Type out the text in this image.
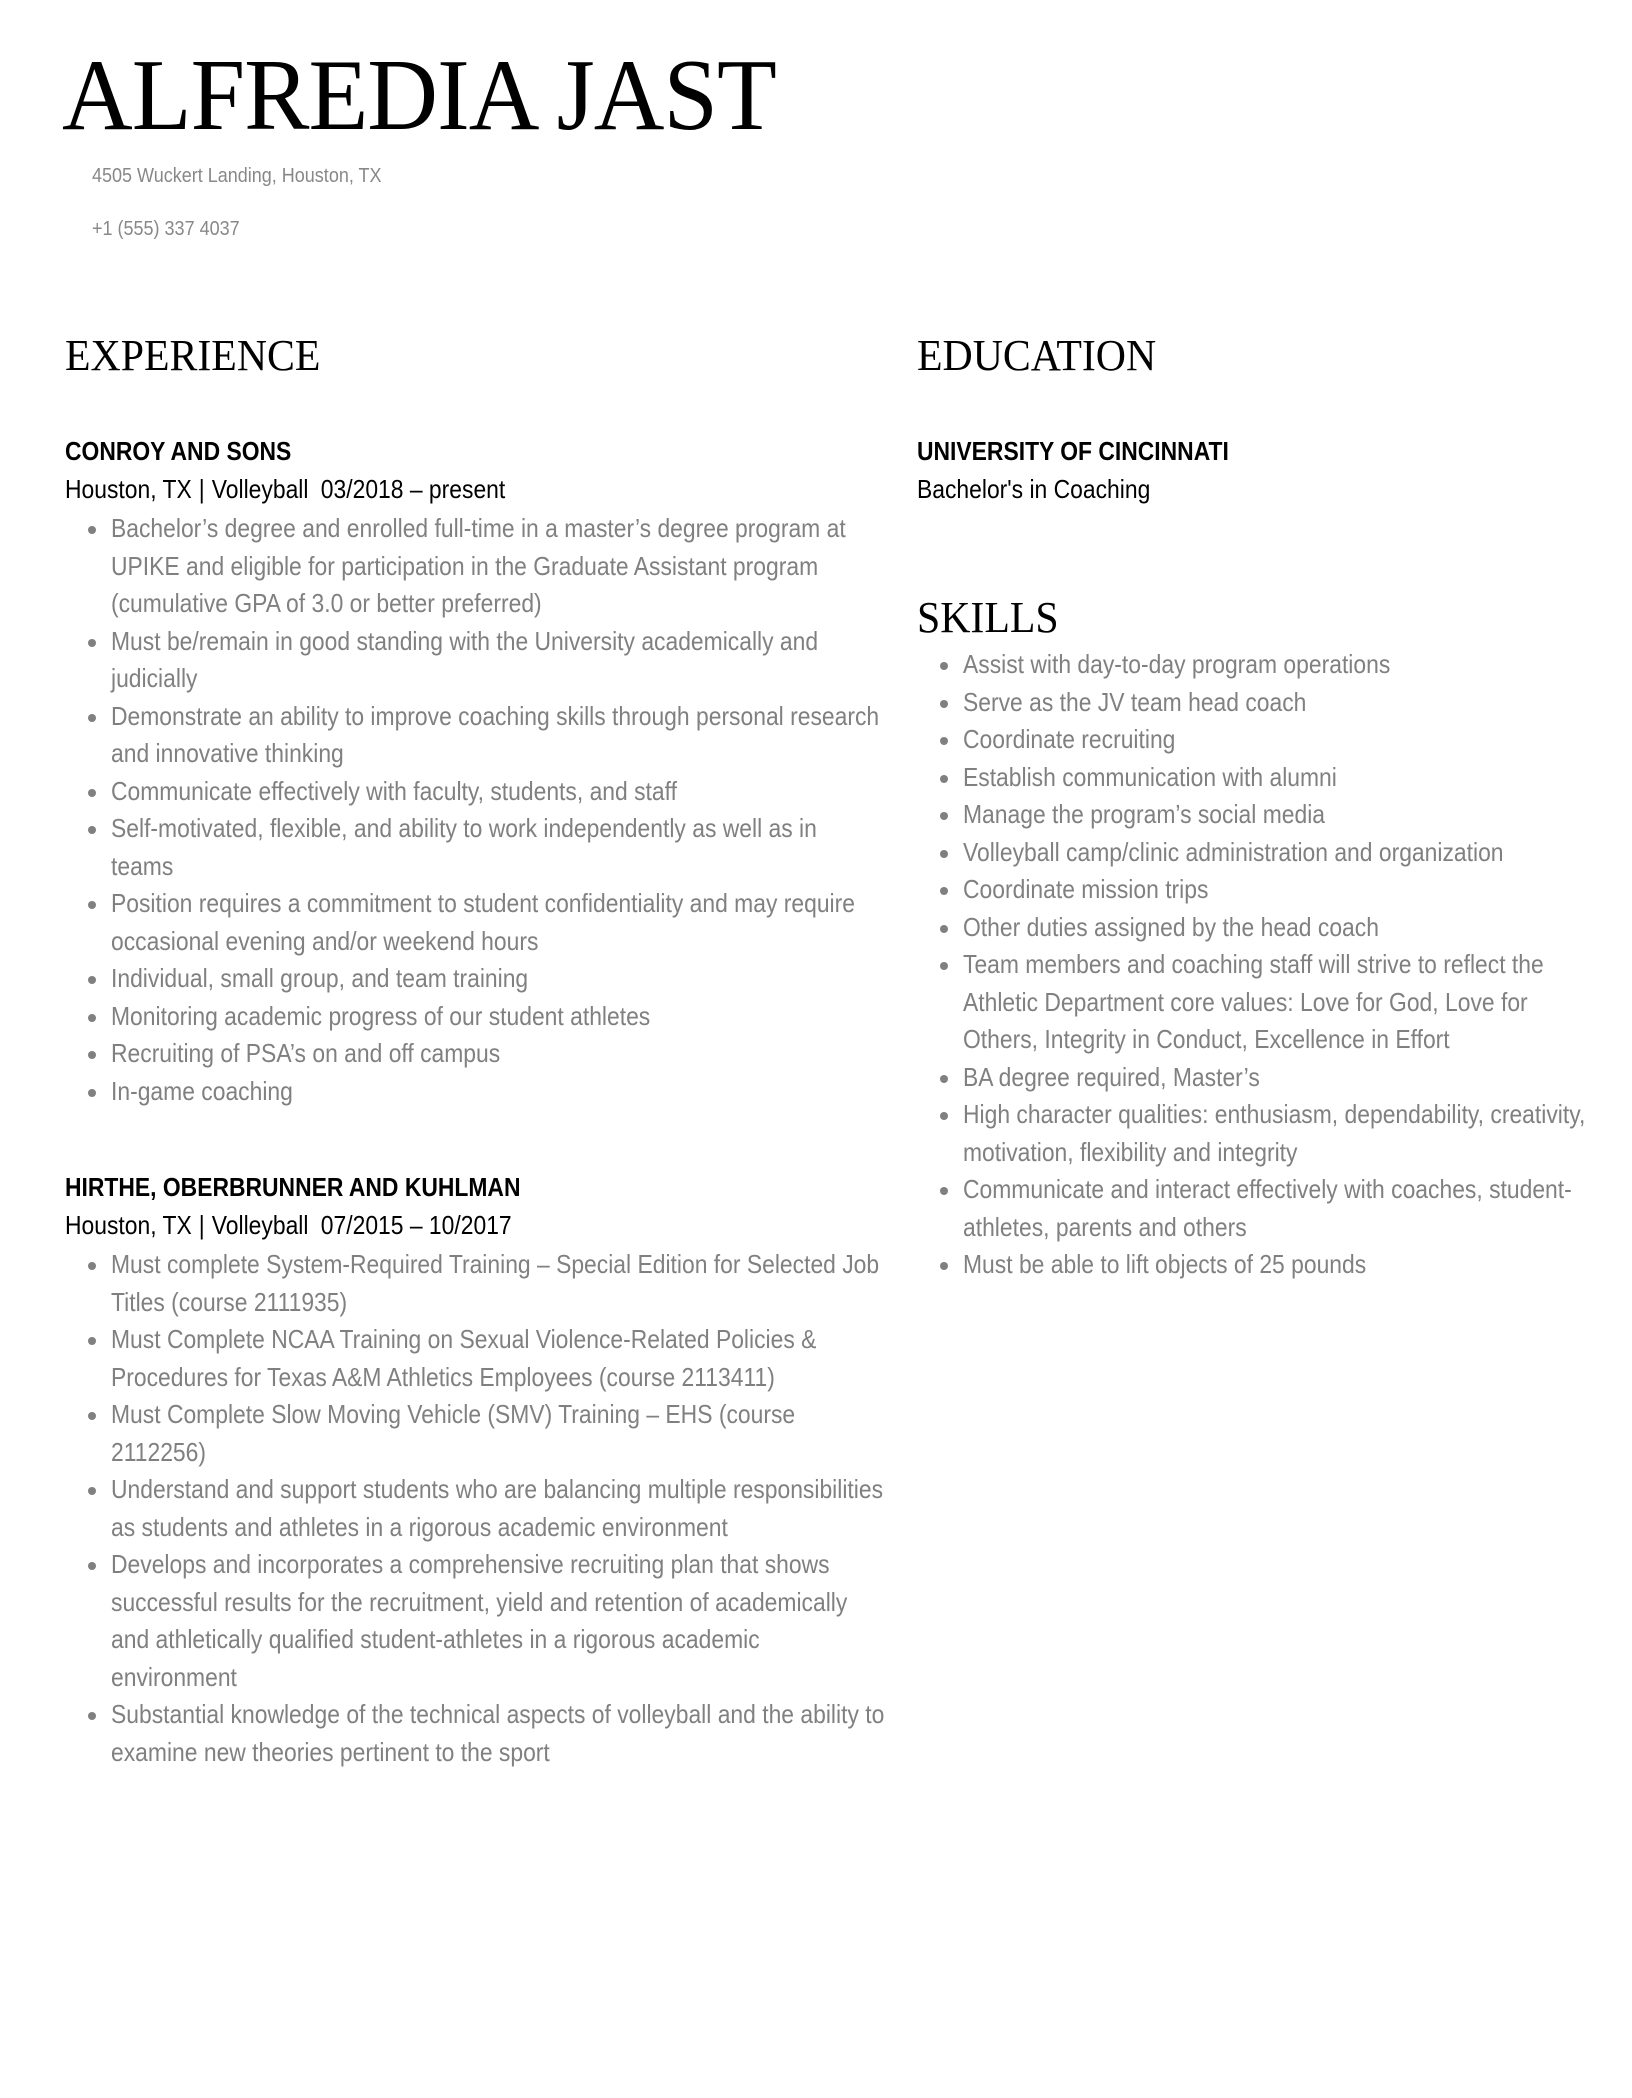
ALFREDIA JAST
4505 Wuckert Landing, Houston, TX
+1 (555) 337 4037
EXPERIENCE
CONROY AND SONS
Houston, TX | Volleyball 03/2018 – present
Bachelor’s degree and enrolled full-time in a master’s degree program at UPIKE and eligible for participation in the Graduate Assistant program (cumulative GPA of 3.0 or better preferred)
Must be/remain in good standing with the University academically and judicially
Demonstrate an ability to improve coaching skills through personal research and innovative thinking
Communicate effectively with faculty, students, and staff
Self-motivated, flexible, and ability to work independently as well as in teams
Position requires a commitment to student confidentiality and may require occasional evening and/or weekend hours
Individual, small group, and team training
Monitoring academic progress of our student athletes
Recruiting of PSA’s on and off campus
In-game coaching
HIRTHE, OBERBRUNNER AND KUHLMAN
Houston, TX | Volleyball 07/2015 – 10/2017
Must complete System-Required Training – Special Edition for Selected Job Titles (course 2111935)
Must Complete NCAA Training on Sexual Violence-Related Policies & Procedures for Texas A&M Athletics Employees (course 2113411)
Must Complete Slow Moving Vehicle (SMV) Training – EHS (course 2112256)
Understand and support students who are balancing multiple responsibilities as students and athletes in a rigorous academic environment
Develops and incorporates a comprehensive recruiting plan that shows successful results for the recruitment, yield and retention of academically and athletically qualified student-athletes in a rigorous academic environment
Substantial knowledge of the technical aspects of volleyball and the ability to examine new theories pertinent to the sport
EDUCATION
UNIVERSITY OF CINCINNATI
Bachelor's in Coaching
SKILLS
Assist with day-to-day program operations
Serve as the JV team head coach
Coordinate recruiting
Establish communication with alumni
Manage the program’s social media
Volleyball camp/clinic administration and organization
Coordinate mission trips
Other duties assigned by the head coach
Team members and coaching staff will strive to reflect the Athletic Department core values: Love for God, Love for Others, Integrity in Conduct, Excellence in Effort
BA degree required, Master’s
High character qualities: enthusiasm, dependability, creativity, motivation, flexibility and integrity
Communicate and interact effectively with coaches, student-athletes, parents and others
Must be able to lift objects of 25 pounds
